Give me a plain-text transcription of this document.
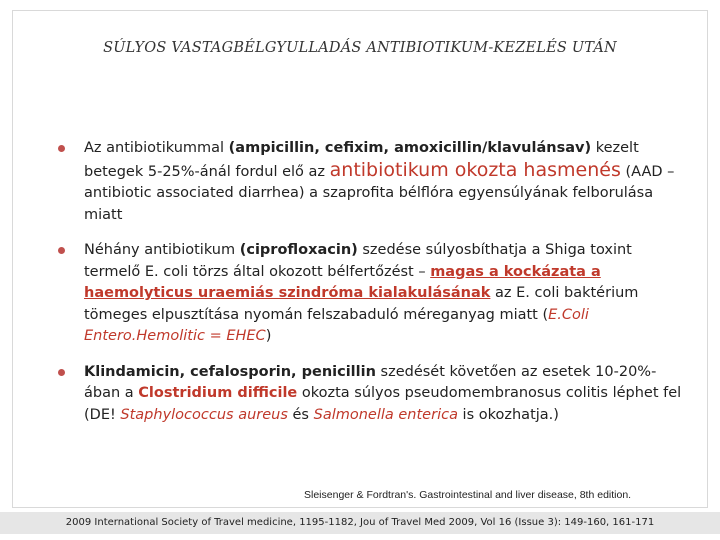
SÚLYOS VASTAGBÉLGYULLADÁS ANTIBIOTIKUM-KEZELÉS UTÁN
Az antibiotikummal (ampicillin, cefixim, amoxicillin/klavulánsav) kezelt betegek 5-25%-ánál fordul elő az antibiotikum okozta hasmenés (AAD – antibiotic associated diarrhea) a szaprofita bélflóra egyensúlyának felborulása miatt
Néhány antibiotikum (ciprofloxacin) szedése súlyosbíthatja a Shiga toxint termelő E. coli törzs által okozott bélfertőzést – magas a kockázata a haemolyticus uraemiás szindróma kialakulásának az E. coli baktérium tömeges elpusztítása nyomán felszabaduló méreganyag miatt (E.Coli Entero.Hemolitic = EHEC)
Klindamicin, cefalosporin, penicillin szedését követően az esetek 10-20%-ában a Clostridium difficile okozta súlyos pseudomembranosus colitis léphet fel (DE! Staphylococcus aureus és Salmonella enterica is okozhatja.)
Sleisenger & Fordtran's. Gastrointestinal and liver disease, 8th edition.
2009 International Society of Travel medicine, 1195-1182, Jou of Travel Med 2009, Vol 16 (Issue 3): 149-160, 161-171
